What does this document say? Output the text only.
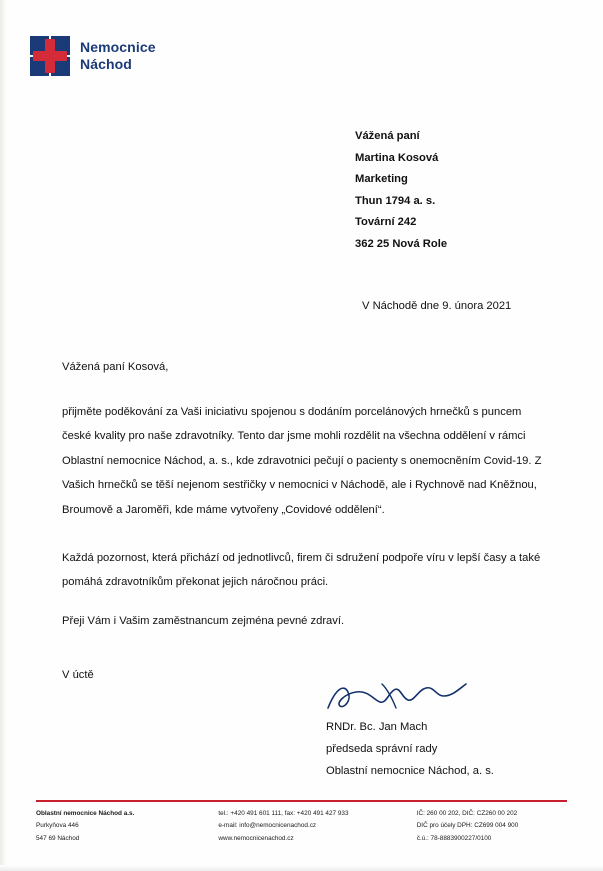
Nemocnice
Náchod
Vážená paní
Martina Kosová
Marketing
Thun 1794 a. s.
Tovární 242
362 25 Nová Role
V Náchodě dne 9. února 2021
Vážená paní Kosová,
přijměte poděkování za Vaši iniciativu spojenou s dodáním porcelánových hrnečků s puncem české kvality pro naše zdravotníky. Tento dar jsme mohli rozdělit na všechna oddělení v rámci Oblastní nemocnice Náchod, a. s., kde zdravotnici pečují o pacienty s onemocněním Covid-19. Z Vašich hrnečků se těší nejenom sestřičky v nemocnici v Náchodě, ale i Rychnově nad Kněžnou, Broumově a Jaroměři, kde máme vytvořeny „Covidové oddělení“.
Každá pozornost, která přichází od jednotlivců, firem či sdružení podpoře víru v lepší časy a také pomáhá zdravotníkům překonat jejich náročnou práci.
Přeji Vám i Vašim zaměstnancum zejména pevné zdraví.
V úctě
RNDr. Bc. Jan Mach
předseda správní rady
Oblastní nemocnice Náchod, a. s.
Oblastní nemocnice Náchod a.s.
Purkyňova 446
547 69 Náchod
tel.: +420 491 601 111, fax: +420 491 427 933
e-mail: info@nemocnicenachod.cz
www.nemocnicenachod.cz
IČ: 260 00 202, DIČ: CZ260 00 202
DIČ pro účely DPH: CZ699 004 900
č.ú.: 78-8883900227/0100
